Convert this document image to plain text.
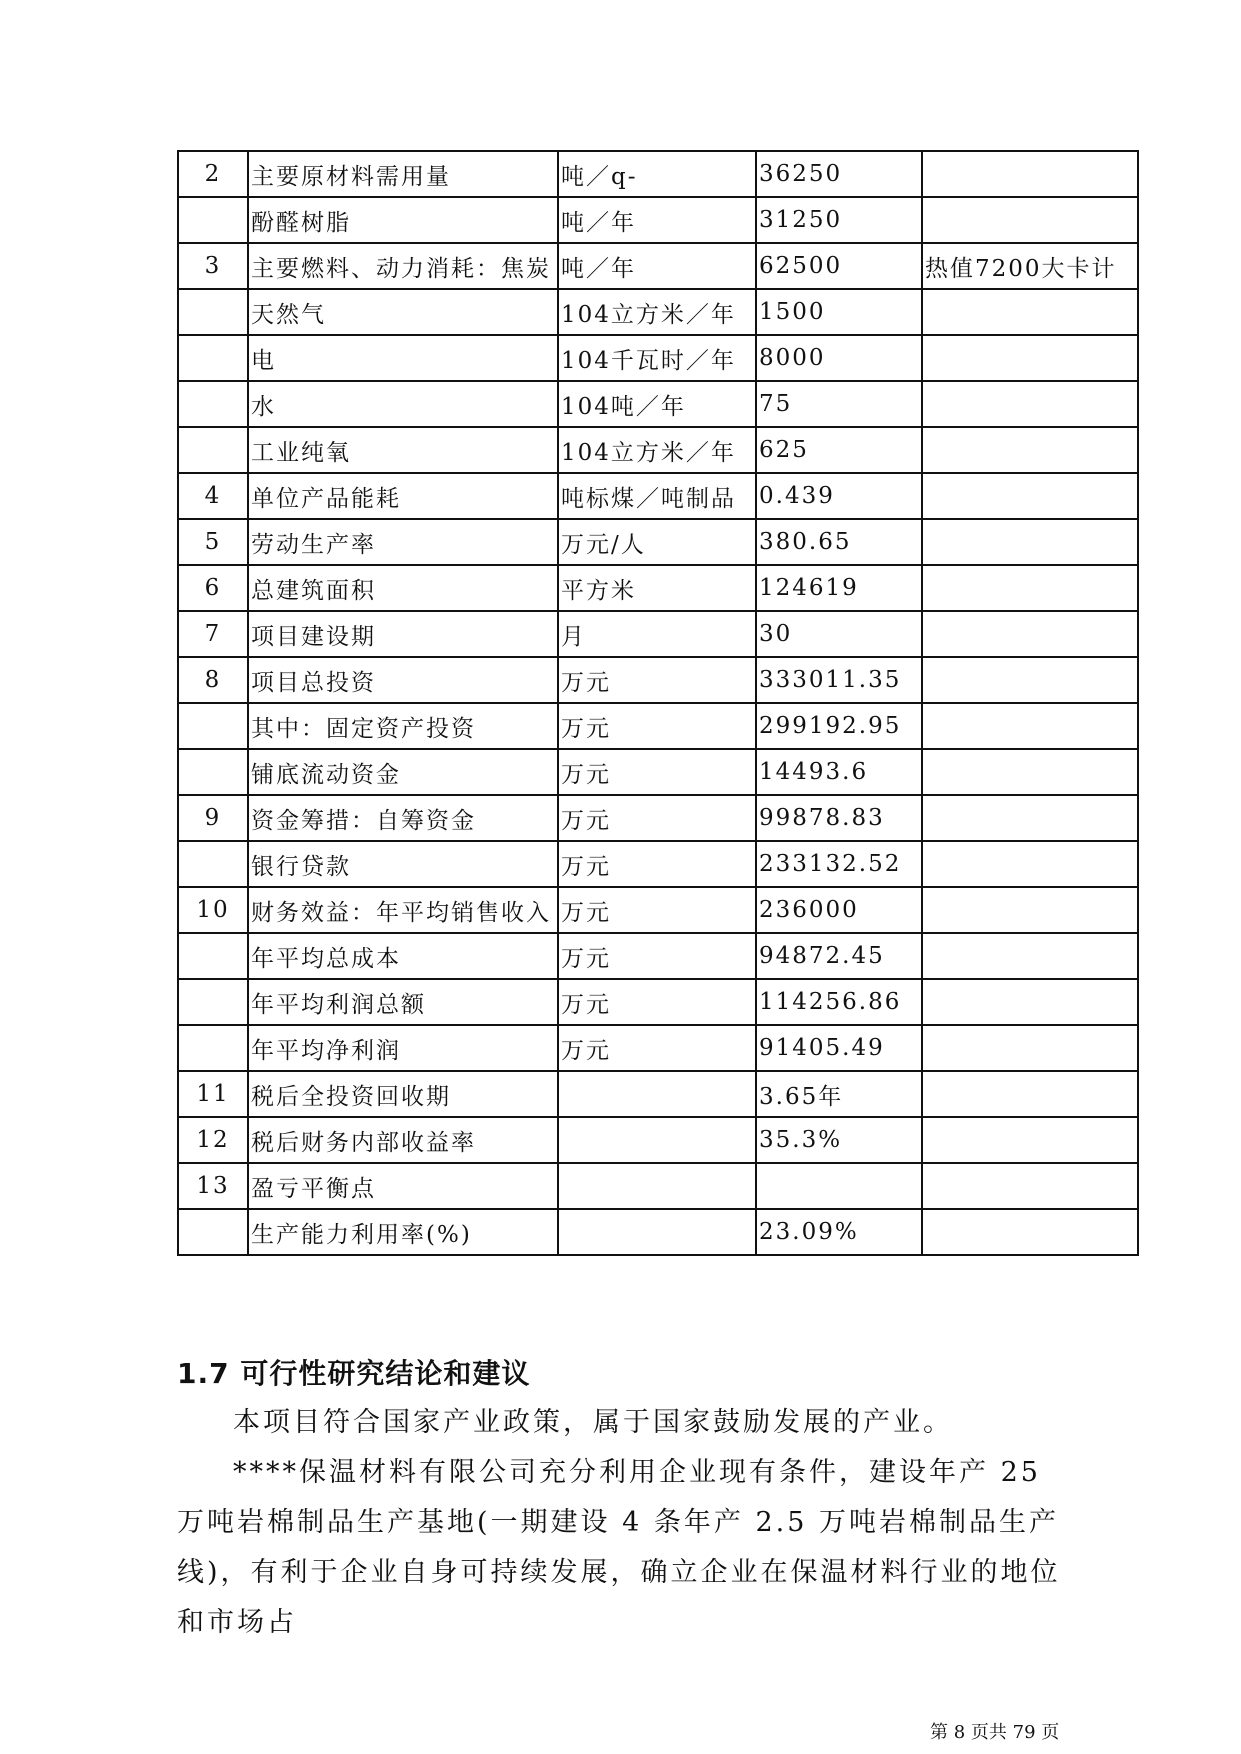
2	主要原材料需用量	吨／q-	36250	
	酚醛树脂	吨／年	31250	
3	主要燃料、动力消耗：焦炭	吨／年	62500	热值7200大卡计
	天然气	104立方米／年	1500	
	电	104千瓦时／年	8000	
	水	104吨／年	75	
	工业纯氧	104立方米／年	625	
4	单位产品能耗	吨标煤／吨制品	0.439	
5	劳动生产率	万元/人	380.65	
6	总建筑面积	平方米	124619	
7	项目建设期	月	30	
8	项目总投资	万元	333011.35	
	其中：固定资产投资	万元	299192.95	
	铺底流动资金	万元	14493.6	
9	资金筹措：自筹资金	万元	99878.83	
	银行贷款	万元	233132.52	
10	财务效益：年平均销售收入	万元	236000	
	年平均总成本	万元	94872.45	
	年平均利润总额	万元	114256.86	
	年平均净利润	万元	91405.49	
11	税后全投资回收期		3.65年	
12	税后财务内部收益率		35.3%	
13	盈亏平衡点			
	生产能力利用率(%)		23.09%	
1.7 可行性研究结论和建议

本项目符合国家产业政策，属于国家鼓励发展的产业。

****保温材料有限公司充分利用企业现有条件，建设年产 25 万吨岩棉制品生产基地(一期建设 4 条年产 2.5 万吨岩棉制品生产线)，有利于企业自身可持续发展，确立企业在保温材料行业的地位和市场占

第 8 页共 79 页
